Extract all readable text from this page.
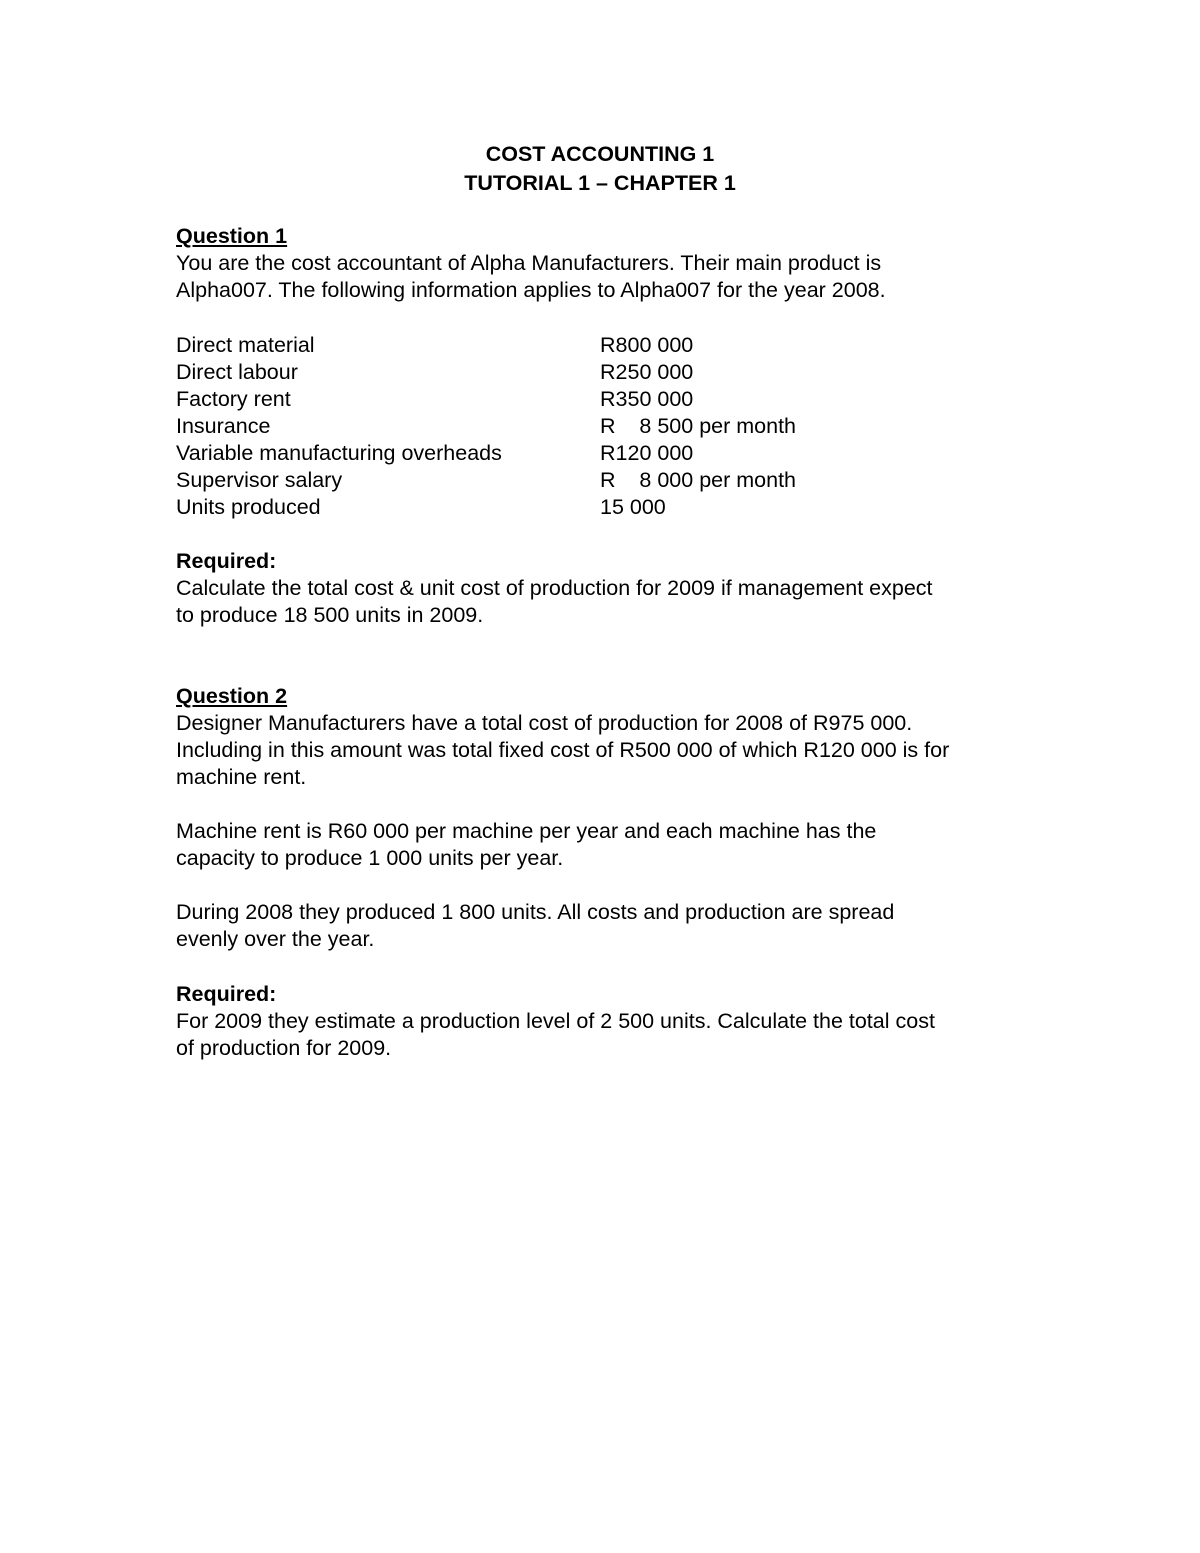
COST ACCOUNTING 1
TUTORIAL 1 – CHAPTER 1

Question 1

You are the cost accountant of Alpha Manufacturers. Their main product is

Alpha007. The following information applies to Alpha007 for the year 2008.

Direct material	R800 000
Direct labour	R250 000
Factory rent	R350 000
Insurance	R    8 500 per month
Variable manufacturing overheads	R120 000
Supervisor salary	R    8 000 per month
Units produced	15 000

Required:

Calculate the total cost & unit cost of production for 2009 if management expect

to produce 18 500 units in 2009.

Question 2

Designer Manufacturers have a total cost of production for 2008 of R975 000.

Including in this amount was total fixed cost of R500 000 of which R120 000 is for

machine rent.

Machine rent is R60 000 per machine per year and each machine has the

capacity to produce 1 000 units per year.

During 2008 they produced 1 800 units. All costs and production are spread

evenly over the year.

Required:

For 2009 they estimate a production level of 2 500 units. Calculate the total cost

of production for 2009.
